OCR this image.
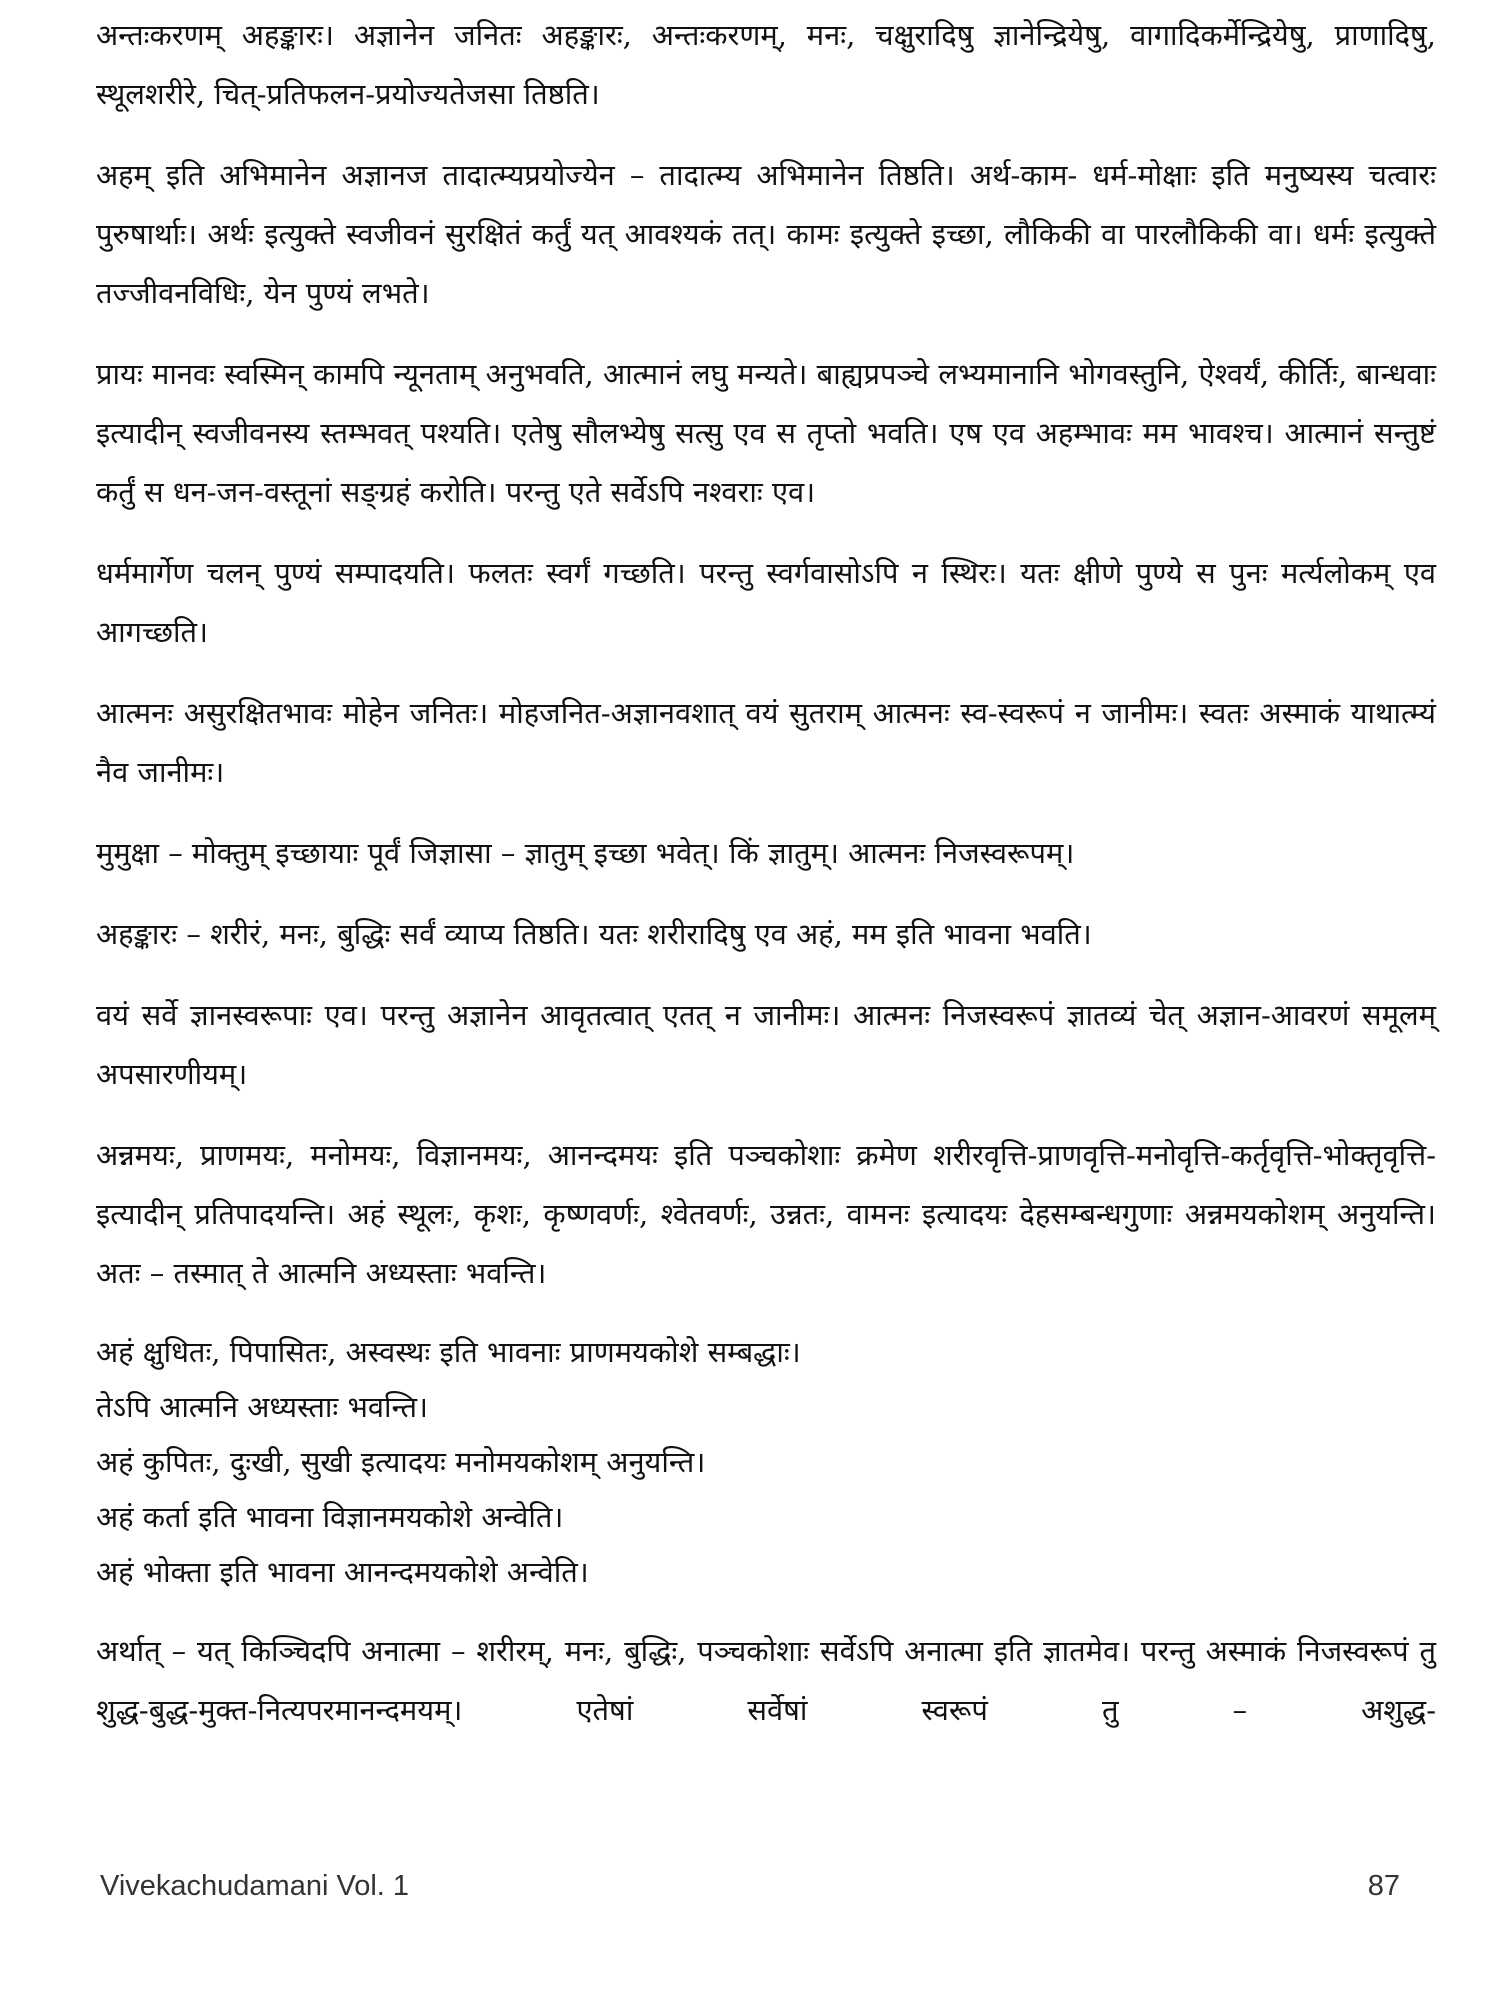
अन्तःकरणम् अहङ्कारः। अज्ञानेन जनितः अहङ्कारः, अन्तःकरणम्, मनः, चक्षुरादिषु ज्ञानेन्द्रियेषु, वागादिकर्मेन्द्रियेषु, प्राणादिषु, स्थूलशरीरे, चित्-प्रतिफलन-प्रयोज्यतेजसा तिष्ठति।

अहम् इति अभिमानेन अज्ञानज तादात्म्यप्रयोज्येन – तादात्म्य अभिमानेन तिष्ठति। अर्थ-काम- धर्म-मोक्षाः इति मनुष्यस्य चत्वारः पुरुषार्थाः। अर्थः इत्युक्ते स्वजीवनं सुरक्षितं कर्तुं यत् आवश्यकं तत्। कामः इत्युक्ते इच्छा, लौकिकी वा पारलौकिकी वा। धर्मः इत्युक्ते तज्जीवनविधिः, येन पुण्यं लभते।

प्रायः मानवः स्वस्मिन् कामपि न्यूनताम् अनुभवति, आत्मानं लघु मन्यते। बाह्यप्रपञ्चे लभ्यमानानि भोगवस्तुनि, ऐश्वर्यं, कीर्तिः, बान्धवाः इत्यादीन् स्वजीवनस्य स्तम्भवत् पश्यति। एतेषु सौलभ्येषु सत्सु एव स तृप्तो भवति। एष एव अहम्भावः मम भावश्च। आत्मानं सन्तुष्टं कर्तुं स धन-जन-वस्तूनां सङ्ग्रहं करोति। परन्तु एते सर्वेऽपि नश्वराः एव।

धर्ममार्गेण चलन् पुण्यं सम्पादयति। फलतः स्वर्गं गच्छति। परन्तु स्वर्गवासोऽपि न स्थिरः। यतः क्षीणे पुण्ये स पुनः मर्त्यलोकम् एव आगच्छति।

आत्मनः असुरक्षितभावः मोहेन जनितः। मोहजनित-अज्ञानवशात् वयं सुतराम् आत्मनः स्व-स्वरूपं न जानीमः। स्वतः अस्माकं याथात्म्यं नैव जानीमः।

मुमुक्षा – मोक्तुम् इच्छायाः पूर्वं जिज्ञासा – ज्ञातुम् इच्छा भवेत्। किं ज्ञातुम्। आत्मनः निजस्वरूपम्।

अहङ्कारः – शरीरं, मनः, बुद्धिः सर्वं व्याप्य तिष्ठति। यतः शरीरादिषु एव अहं, मम इति भावना भवति।

वयं सर्वे ज्ञानस्वरूपाः एव। परन्तु अज्ञानेन आवृतत्वात् एतत् न जानीमः। आत्मनः निजस्वरूपं ज्ञातव्यं चेत् अज्ञान-आवरणं समूलम् अपसारणीयम्।

अन्नमयः, प्राणमयः, मनोमयः, विज्ञानमयः, आनन्दमयः इति पञ्चकोशाः क्रमेण शरीरवृत्ति-प्राणवृत्ति-मनोवृत्ति-कर्तृवृत्ति-भोक्तृवृत्ति-इत्यादीन् प्रतिपादयन्ति। अहं स्थूलः, कृशः, कृष्णवर्णः, श्वेतवर्णः, उन्नतः, वामनः इत्यादयः देहसम्बन्धगुणाः अन्नमयकोशम् अनुयन्ति। अतः – तस्मात् ते आत्मनि अध्यस्ताः भवन्ति।

अहं क्षुधितः, पिपासितः, अस्वस्थः इति भावनाः प्राणमयकोशे सम्बद्धाः।

तेऽपि आत्मनि अध्यस्ताः भवन्ति।

अहं कुपितः, दुःखी, सुखी इत्यादयः मनोमयकोशम् अनुयन्ति।

अहं कर्ता इति भावना विज्ञानमयकोशे अन्वेति।

अहं भोक्ता इति भावना आनन्दमयकोशे अन्वेति।

अर्थात् – यत् किञ्चिदपि अनात्मा – शरीरम्, मनः, बुद्धिः, पञ्चकोशाः सर्वेऽपि अनात्मा इति ज्ञातमेव। परन्तु अस्माकं निजस्वरूपं तु शुद्ध-बुद्ध-मुक्त-नित्यपरमानन्दमयम्। एतेषां सर्वेषां स्वरूपं तु – अशुद्ध-

Vivekachudamani Vol. 1	87
